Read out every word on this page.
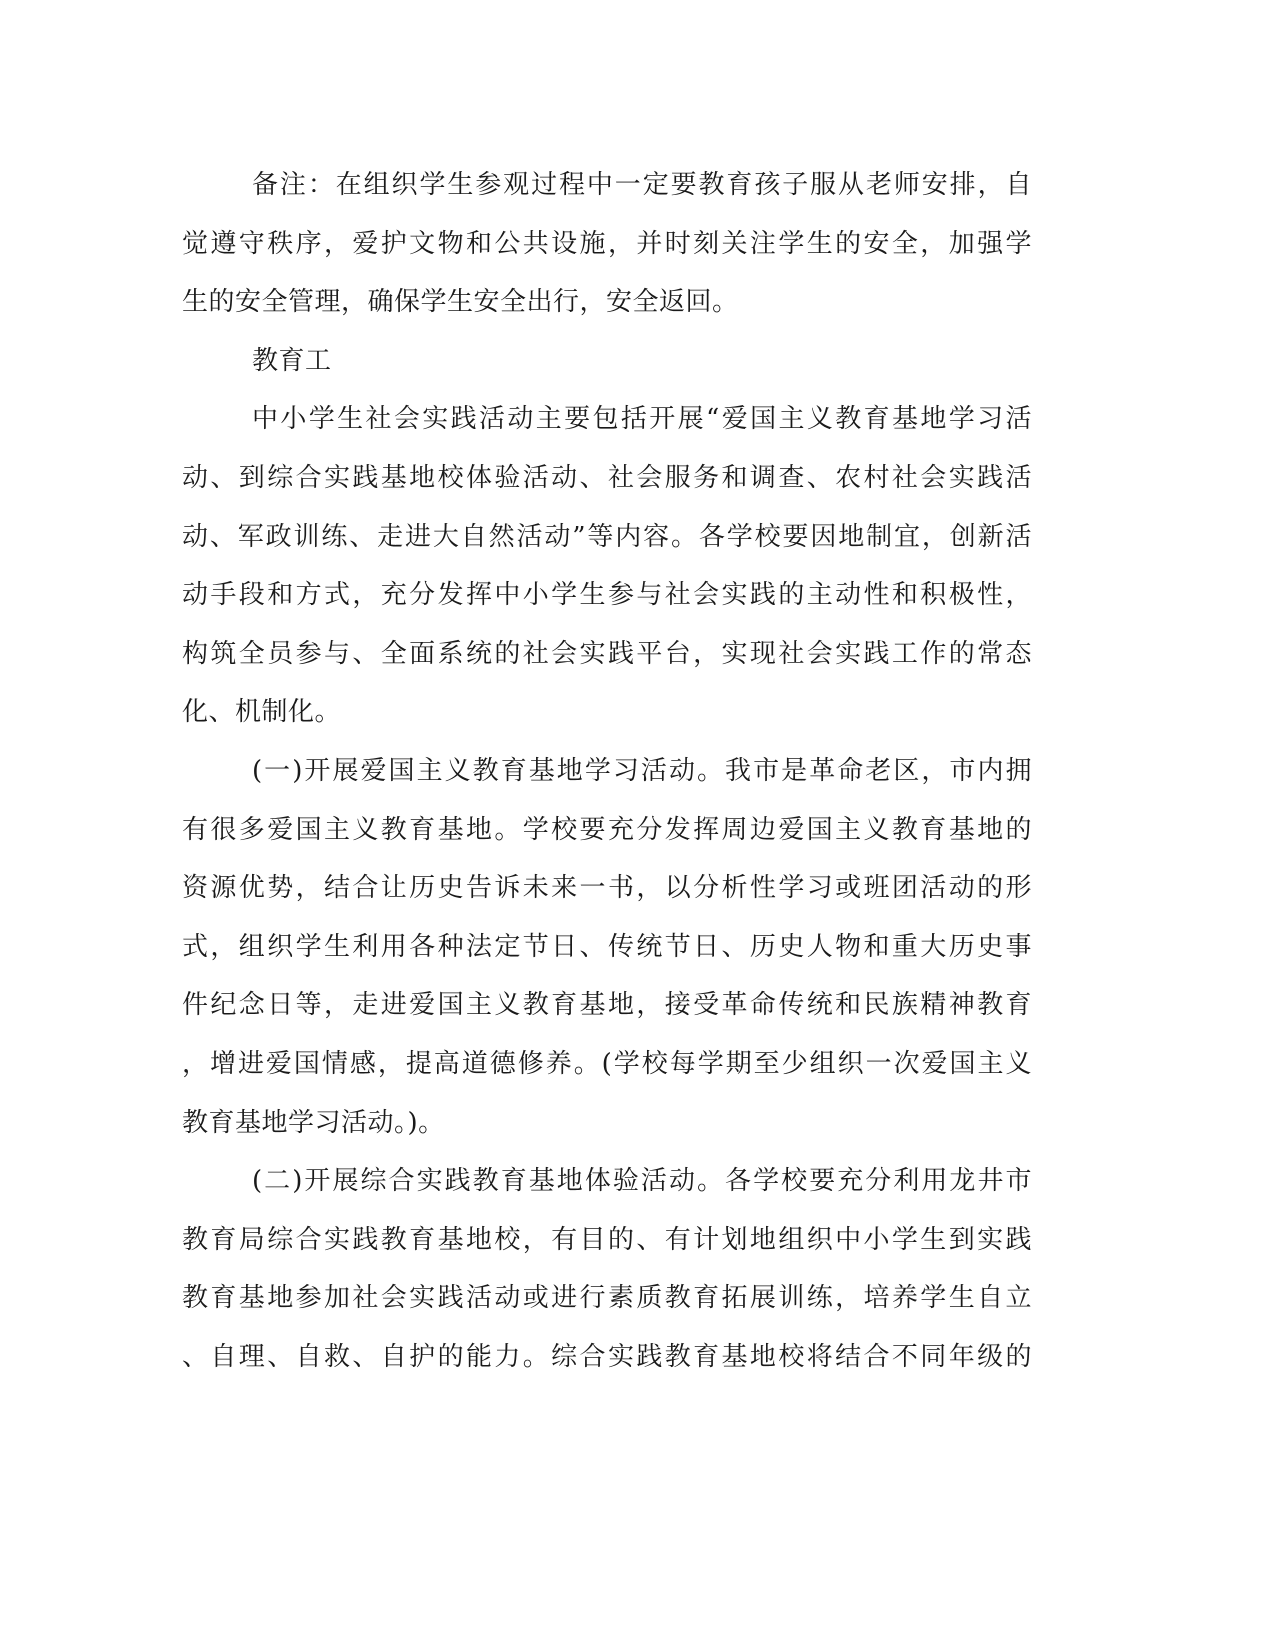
备注：在组织学生参观过程中一定要教育孩子服从老师安排，自
觉遵守秩序，爱护文物和公共设施，并时刻关注学生的安全，加强学
生的安全管理，确保学生安全出行，安全返回。
教育工
中小学生社会实践活动主要包括开展“爱国主义教育基地学习活
动、到综合实践基地校体验活动、社会服务和调查、农村社会实践活
动、军政训练、走进大自然活动”等内容。各学校要因地制宜，创新活
动手段和方式，充分发挥中小学生参与社会实践的主动性和积极性，
构筑全员参与、全面系统的社会实践平台，实现社会实践工作的常态
化、机制化。
(一)开展爱国主义教育基地学习活动。我市是革命老区，市内拥
有很多爱国主义教育基地。学校要充分发挥周边爱国主义教育基地的
资源优势，结合让历史告诉未来一书，以分析性学习或班团活动的形
式，组织学生利用各种法定节日、传统节日、历史人物和重大历史事
件纪念日等，走进爱国主义教育基地，接受革命传统和民族精神教育
，增进爱国情感，提高道德修养。(学校每学期至少组织一次爱国主义
教育基地学习活动。)。
(二)开展综合实践教育基地体验活动。各学校要充分利用龙井市
教育局综合实践教育基地校，有目的、有计划地组织中小学生到实践
教育基地参加社会实践活动或进行素质教育拓展训练，培养学生自立
、自理、自救、自护的能力。综合实践教育基地校将结合不同年级的
